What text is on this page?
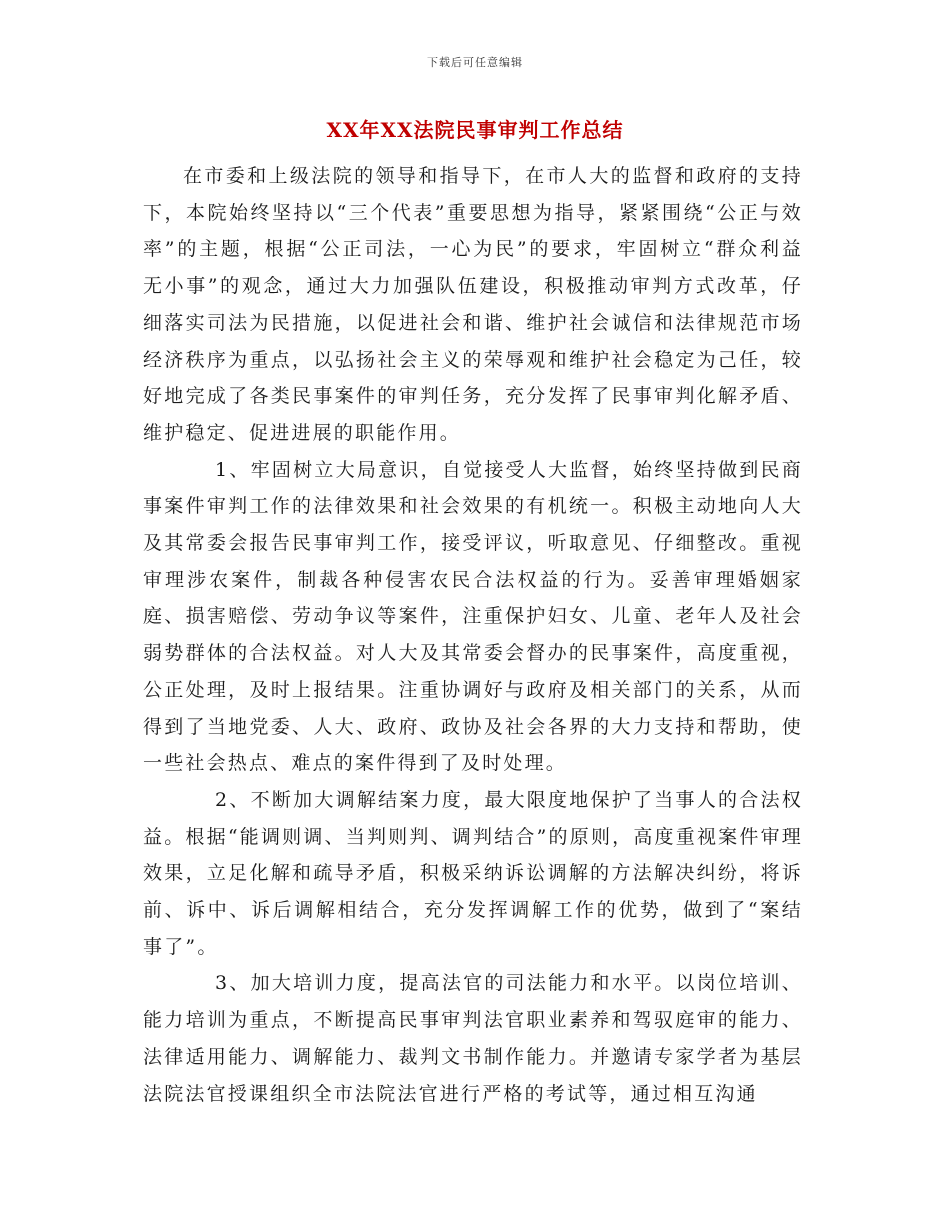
下载后可任意编辑
XX年XX法院民事审判工作总结

在市委和上级法院的领导和指导下，在市人大的监督和政府的支持下，本院始终坚持以“三个代表”重要思想为指导，紧紧围绕“公正与效率”的主题，根据“公正司法，一心为民”的要求，牢固树立“群众利益无小事”的观念，通过大力加强队伍建设，积极推动审判方式改革，仔细落实司法为民措施，以促进社会和谐、维护社会诚信和法律规范市场经济秩序为重点，以弘扬社会主义的荣辱观和维护社会稳定为己任，较好地完成了各类民事案件的审判任务，充分发挥了民事审判化解矛盾、维护稳定、促进进展的职能作用。

1、牢固树立大局意识，自觉接受人大监督，始终坚持做到民商事案件审判工作的法律效果和社会效果的有机统一。积极主动地向人大及其常委会报告民事审判工作，接受评议，听取意见、仔细整改。重视审理涉农案件，制裁各种侵害农民合法权益的行为。妥善审理婚姻家庭、损害赔偿、劳动争议等案件，注重保护妇女、儿童、老年人及社会弱势群体的合法权益。对人大及其常委会督办的民事案件，高度重视，公正处理，及时上报结果。注重协调好与政府及相关部门的关系，从而得到了当地党委、人大、政府、政协及社会各界的大力支持和帮助，使一些社会热点、难点的案件得到了及时处理。

2、不断加大调解结案力度，最大限度地保护了当事人的合法权益。根据“能调则调、当判则判、调判结合”的原则，高度重视案件审理效果，立足化解和疏导矛盾，积极采纳诉讼调解的方法解决纠纷，将诉前、诉中、诉后调解相结合，充分发挥调解工作的优势，做到了“案结事了”。

3、加大培训力度，提高法官的司法能力和水平。以岗位培训、能力培训为重点，不断提高民事审判法官职业素养和驾驭庭审的能力、法律适用能力、调解能力、裁判文书制作能力。并邀请专家学者为基层法院法官授课组织全市法院法官进行严格的考试等，通过相互沟通
